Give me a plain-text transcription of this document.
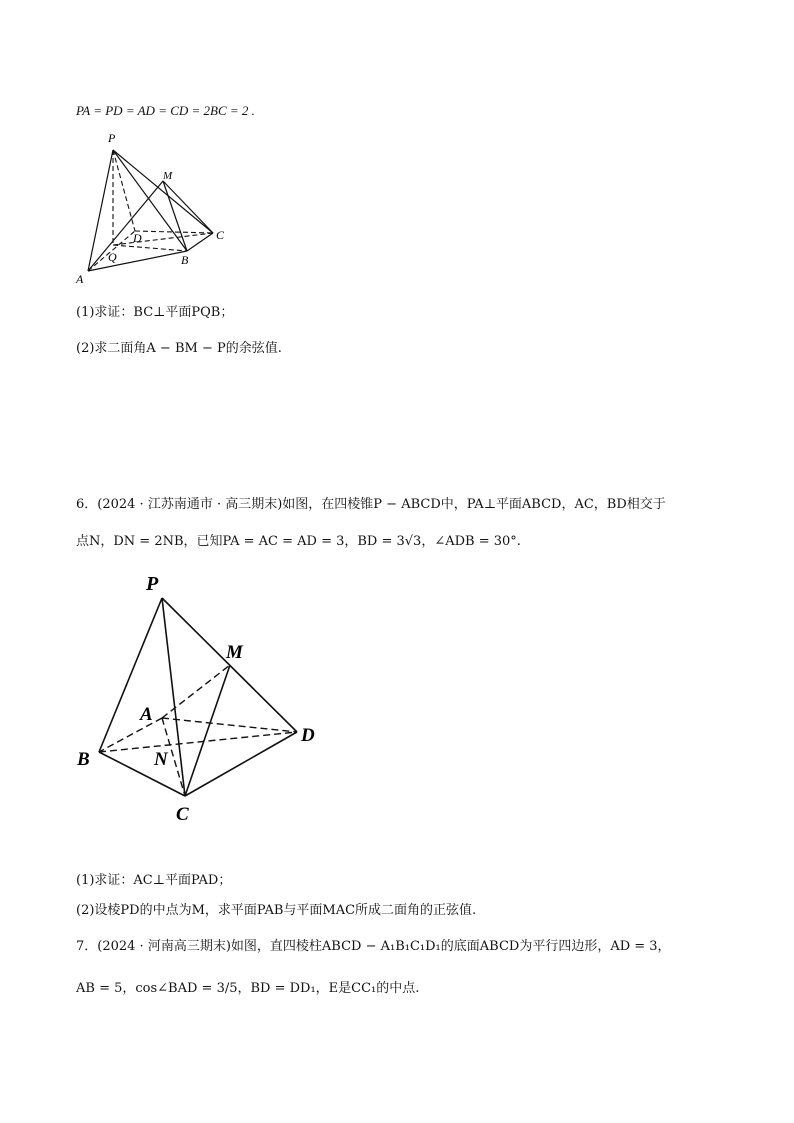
PA = PD = AD = CD = 2BC = 2 .
P
M
D	C
Q	B
A
(1)求证：BC⊥平面PQB；
(2)求二面角A − BM − P的余弦值.
6．(2024 · 江苏南通市 · 高三期末)如图，在四棱锥P − ABCD中，PA⊥平面ABCD，AC，BD相交于
点N，DN = 2NB，已知PA = AC = AD = 3，BD = 3√3，∠ADB = 30°.
P
M
A
D
B	N
C
(1)求证：AC⊥平面PAD；
(2)设棱PD的中点为M，求平面PAB与平面MAC所成二面角的正弦值.
7．(2024 · 河南高三期末)如图，直四棱柱ABCD − A₁B₁C₁D₁的底面ABCD为平行四边形，AD = 3，
AB = 5，cos∠BAD = 3/5，BD = DD₁，E是CC₁的中点.
